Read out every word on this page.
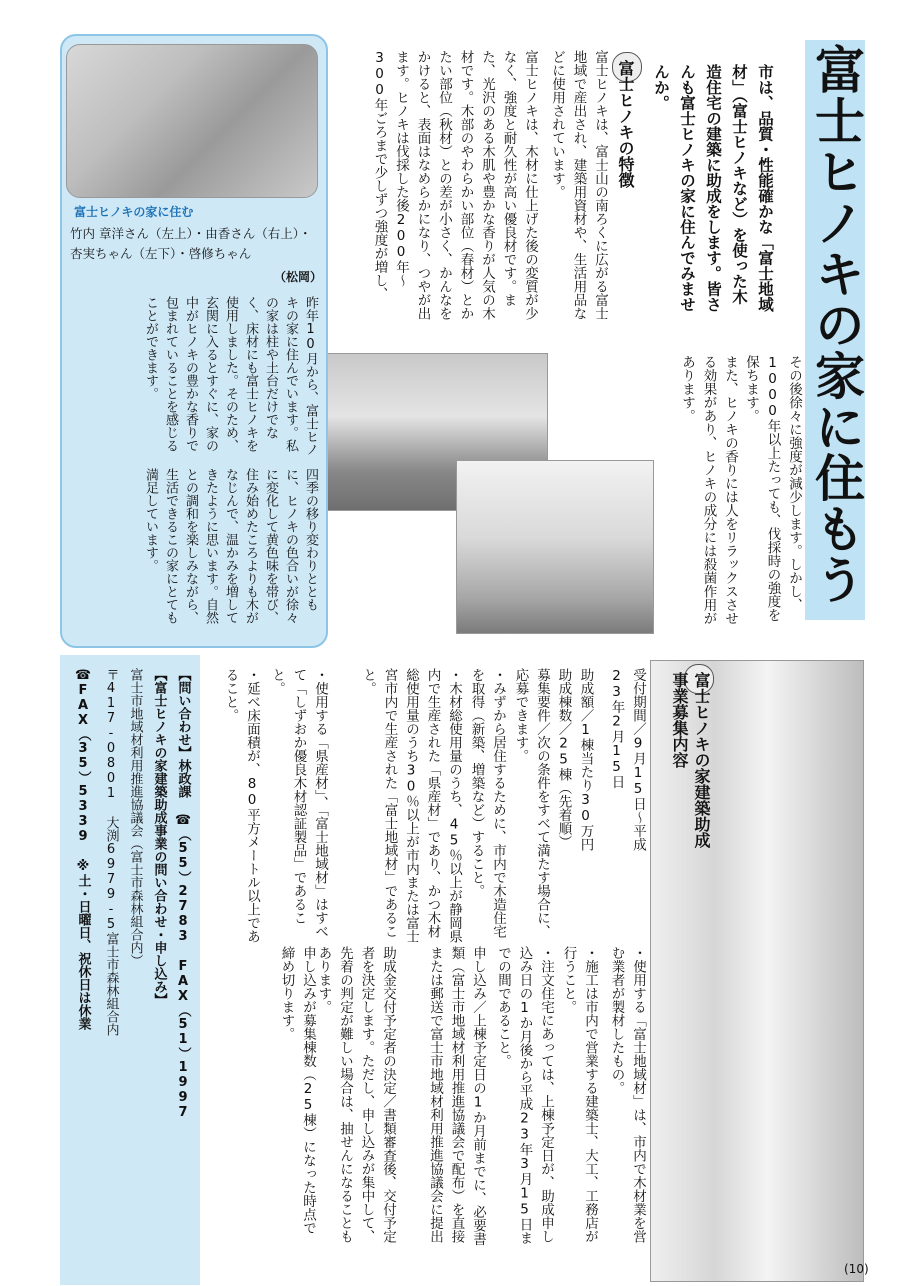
富士ヒノキの家に住もう
市は、品質・性能確かな「富士地域材」（富士ヒノキなど）を使った木造住宅の建築に助成をします。皆さんも富士ヒノキの家に住んでみませんか。
富士ヒノキの特徴
富士ヒノキは、富士山の南ろくに広がる富士地域で産出され、建築用資材や、生活用品などに使用されています。
富士ヒノキは、木材に仕上げた後の変質が少なく、強度と耐久性が高い優良材です。また、光沢のある木肌や豊かな香りが人気の木材です。木部のやわらかい部位（春材）とかたい部位（秋材）との差が小さく、かんなをかけると、表面はなめらかになり、つやが出ます。ヒノキは伐採した後200年～300年ごろまで少しずつ強度が増し、
その後徐々に強度が減少します。しかし、1000年以上たっても、伐採時の強度を保ちます。
また、ヒノキの香りには人をリラックスさせる効果があり、ヒノキの成分には殺菌作用があります。
富士ヒノキの家に住む
竹内 章洋さん（左上）・由香さん（右上）・杏実ちゃん（左下）・啓修ちゃん
（松岡）
昨年10月から、富士ヒノキの家に住んでいます。私の家は柱や土台だけでなく、床材にも富士ヒノキを使用しました。そのため、玄関に入るとすぐに、家の中がヒノキの豊かな香りで包まれていることを感じることができます。
四季の移り変わりとともに、ヒノキの色合いが徐々に変化して黄色味を帯び、住み始めたころよりも木がなじんで、温かみを増してきたように思います。自然との調和を楽しみながら、生活できるこの家にとても満足しています。
富士ヒノキの家建築助成事業募集内容
受付期間／9月15日～平成23年2月15日
助成額／1棟当たり30万円
助成棟数／25棟（先着順）
募集要件／次の条件をすべて満たす場合に、応募できます。
・みずから居住するために、市内で木造住宅を取得（新築、増築など）すること。
・木材総使用量のうち、45％以上が静岡県内で生産された「県産材」であり、かつ木材総使用量のうち30％以上が市内または富士宮市内で生産された「富士地域材」であること。
・使用する「県産材」、「富士地域材」はすべて「しずおか優良木材認証製品」であること。
・延べ床面積が、80平方メートル以上であること。
・使用する「富士地域材」は、市内で木材業を営む業者が製材したもの。
・施工は市内で営業する建築士、大工、工務店が行うこと。
・注文住宅にあっては、上棟予定日が、助成申し込み日の1か月後から平成23年3月15日までの間であること。
申し込み／上棟予定日の1か月前までに、必要書類（富士市地域材利用推進協議会で配布）を直接または郵送で富士市地域材利用推進協議会に提出
助成金交付予定者の決定／書類審査後、交付予定者を決定します。ただし、申し込みが集中して、先着の判定が難しい場合は、抽せんになることもあります。
申し込みが募集棟数（25棟）になった時点で締め切ります。
【問い合わせ】林政課 ☎（55）2783 FAX（51）1997
【富士ヒノキの家建築助成事業の問い合わせ・申し込み】
富士市地域材利用推進協議会（富士市森林組合内）
〒417-0801 大渕6979-5富士市森林組合内
☎FAX（35）5339 ※土・日曜日、祝休日は休業
(10)
